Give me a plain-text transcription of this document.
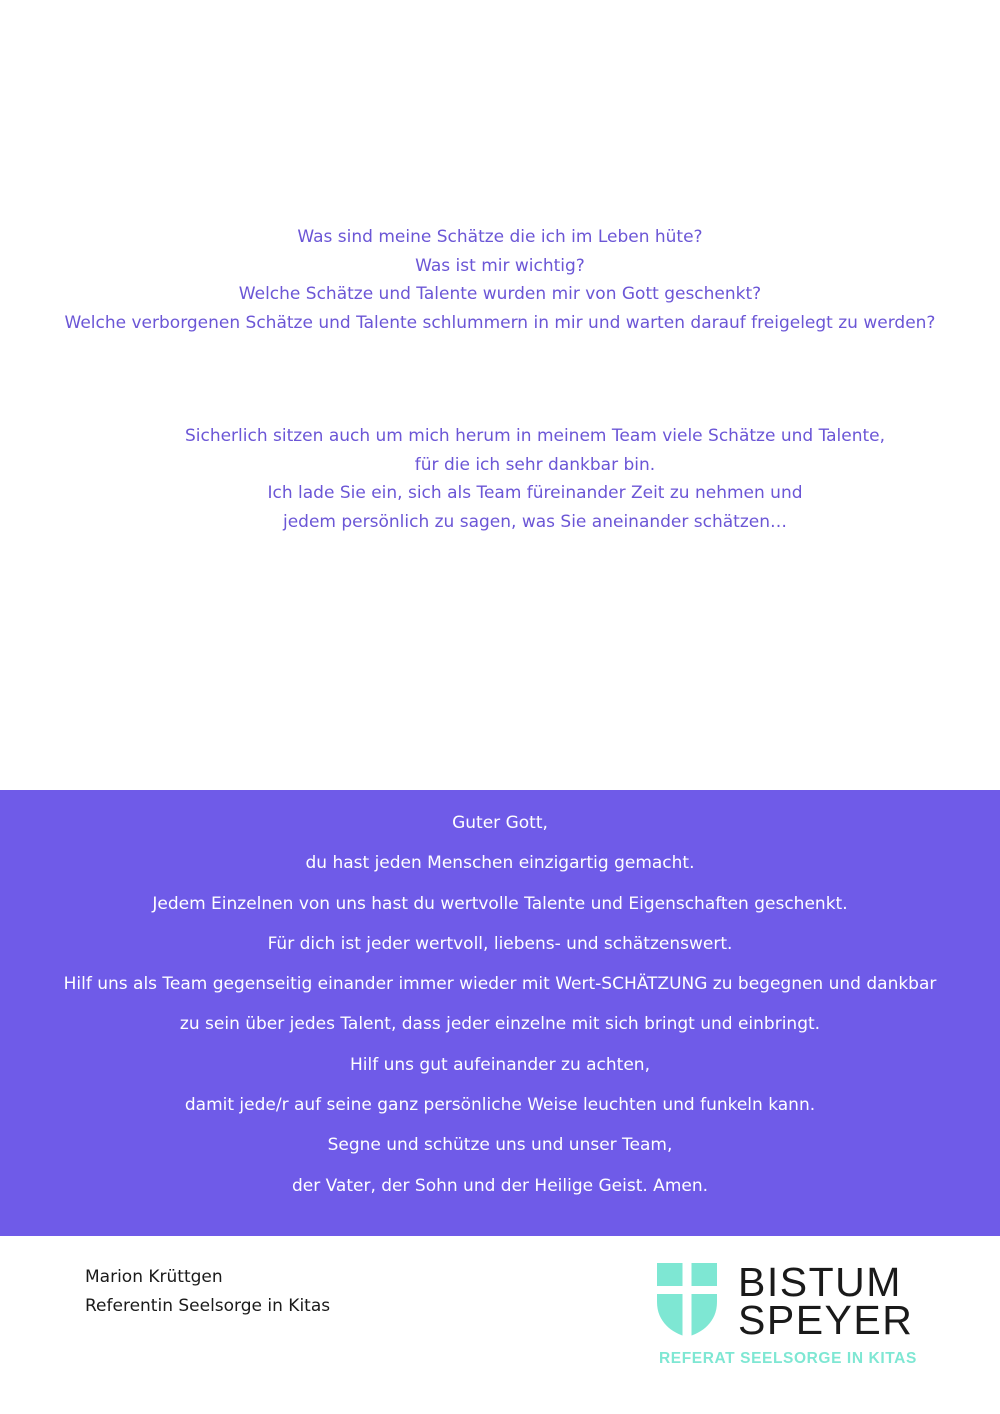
Was sind meine Schätze die ich im Leben hüte?
Was ist mir wichtig?
Welche Schätze und Talente wurden mir von Gott geschenkt?
Welche verborgenen Schätze und Talente schlummern in mir und warten darauf freigelegt zu werden?
Sicherlich sitzen auch um mich herum in meinem Team viele Schätze und Talente,
für die ich sehr dankbar bin.
Ich lade Sie ein, sich als Team füreinander Zeit zu nehmen und
jedem persönlich zu sagen, was Sie aneinander schätzen…
Guter Gott,
du hast jeden Menschen einzigartig gemacht.
Jedem Einzelnen von uns hast du wertvolle Talente und Eigenschaften geschenkt.
Für dich ist jeder wertvoll, liebens- und schätzenswert.
Hilf uns als Team gegenseitig einander immer wieder mit Wert-SCHÄTZUNG zu begegnen und dankbar
zu sein über jedes Talent, dass jeder einzelne mit sich bringt und einbringt.
Hilf uns gut aufeinander zu achten,
damit jede/r auf seine ganz persönliche Weise leuchten und funkeln kann.
Segne und schütze uns und unser Team,
der Vater, der Sohn und der Heilige Geist. Amen.
Marion Krüttgen
Referentin Seelsorge in Kitas
BISTUM
SPEYER
REFERAT SEELSORGE IN KITAS
